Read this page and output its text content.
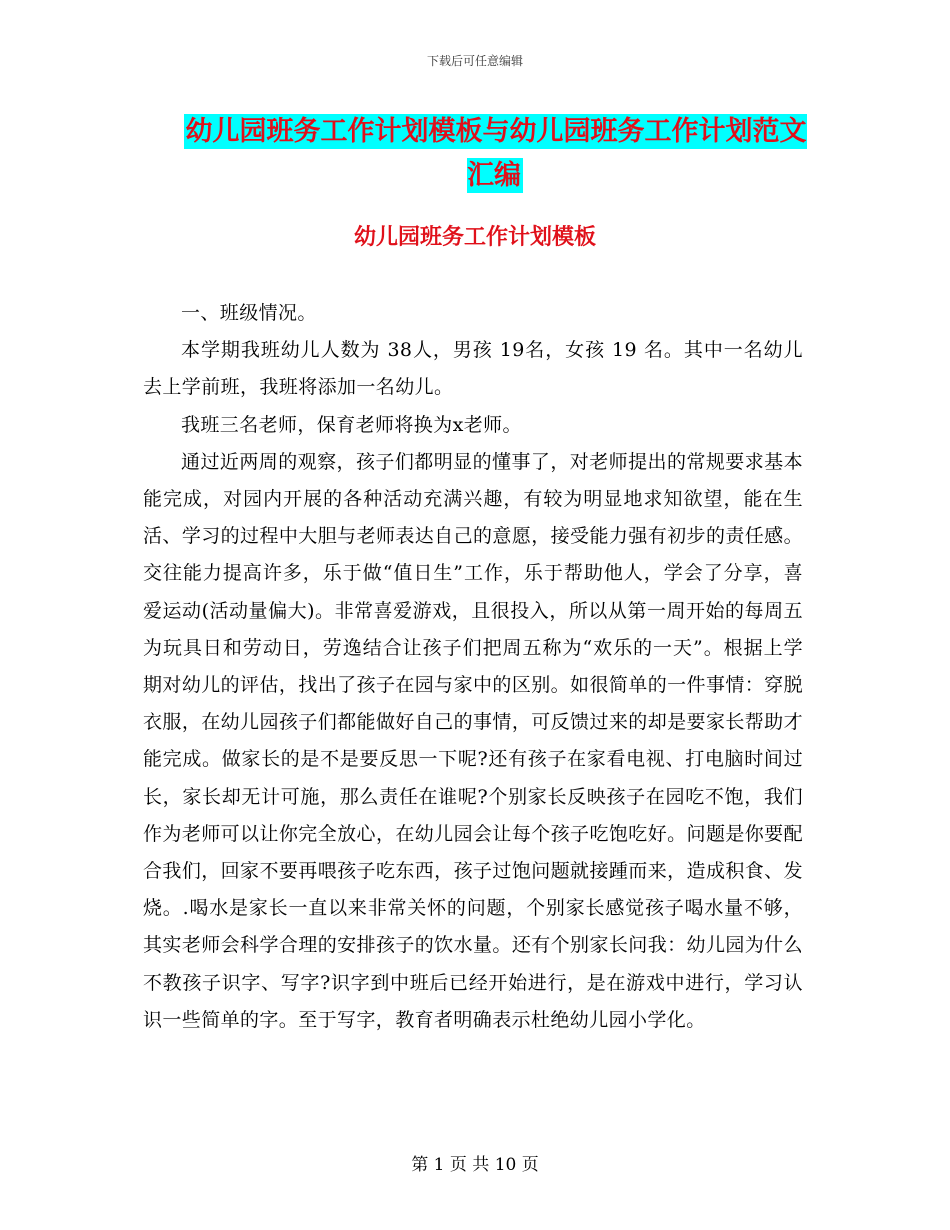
下载后可任意编辑
幼儿园班务工作计划模板与幼儿园班务工作计划范文汇编
幼儿园班务工作计划模板

一、班级情况。

本学期我班幼儿人数为 38人，男孩 19名，女孩 19 名。其中一名幼儿去上学前班，我班将添加一名幼儿。

我班三名老师，保育老师将换为x老师。

通过近两周的观察，孩子们都明显的懂事了，对老师提出的常规要求基本能完成，对园内开展的各种活动充满兴趣，有较为明显地求知欲望，能在生活、学习的过程中大胆与老师表达自己的意愿，接受能力强有初步的责任感。交往能力提高许多，乐于做“值日生”工作，乐于帮助他人，学会了分享，喜爱运动(活动量偏大)。非常喜爱游戏，且很投入，所以从第一周开始的每周五为玩具日和劳动日，劳逸结合让孩子们把周五称为“欢乐的一天”。根据上学期对幼儿的评估，找出了孩子在园与家中的区别。如很简单的一件事情：穿脱衣服，在幼儿园孩子们都能做好自己的事情，可反馈过来的却是要家长帮助才能完成。做家长的是不是要反思一下呢?还有孩子在家看电视、打电脑时间过长，家长却无计可施，那么责任在谁呢?个别家长反映孩子在园吃不饱，我们作为老师可以让你完全放心，在幼儿园会让每个孩子吃饱吃好。问题是你要配合我们，回家不要再喂孩子吃东西，孩子过饱问题就接踵而来，造成积食、发烧。.喝水是家长一直以来非常关怀的问题，个别家长感觉孩子喝水量不够，其实老师会科学合理的安排孩子的饮水量。还有个别家长问我：幼儿园为什么不教孩子识字、写字?识字到中班后已经开始进行，是在游戏中进行，学习认识一些简单的字。至于写字，教育者明确表示杜绝幼儿园小学化。

第 1 页 共 10 页
